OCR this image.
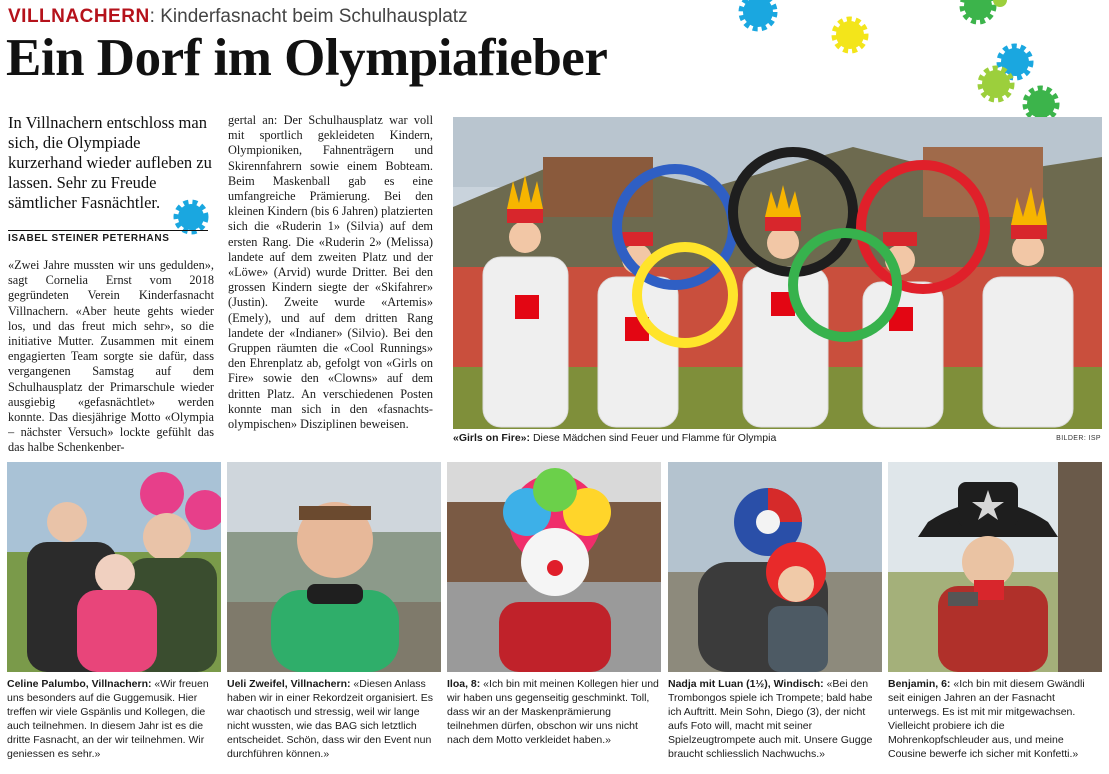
VILLNACHERN: Kinderfasnacht beim Schulhausplatz
Ein Dorf im Olympiafieber

In Villnachern entschloss man sich, die Olympiade kurzerhand wieder aufleben zu lassen. Sehr zu Freude sämtlicher Fasnächtler.

ISABEL STEINER PETERHANS
«Zwei Jahre mussten wir uns gedulden», sagt Cornelia Ernst vom 2018 gegründeten Verein Kinderfasnacht Villnachern. «Aber heute gehts wieder los, und das freut mich sehr», so die initiative Mutter. Zusammen mit einem engagierten Team sorgte sie dafür, dass vergangenen Samstag auf dem Schulhausplatz der Primarschule wieder ausgiebig «gefasnächtlet» werden konnte. Das diesjährige Motto «Olympia – nächster Versuch» lockte gefühlt das das halbe Schenkenber-
gertal an: Der Schulhausplatz war voll mit sportlich gekleideten Kindern, Olympioniken, Fahnenträgern und Skirennfahrern sowie einem Bobteam. Beim Maskenball gab es eine umfangreiche Prämierung. Bei den kleinen Kindern (bis 6 Jahren) platzierten sich die «Ruderin 1» (Silvia) auf dem ersten Rang. Die «Ruderin 2» (Melissa) landete auf dem zweiten Platz und der «Löwe» (Arvid) wurde Dritter. Bei den grossen Kindern siegte der «Skifahrer» (Justin). Zweite wurde «Artemis» (Emely), und auf dem dritten Rang landete der «Indianer» (Silvio). Bei den Gruppen räumten die «Cool Runnings» den Ehrenplatz ab, gefolgt von «Girls on Fire» sowie den «Clowns» auf dem dritten Platz. An verschiedenen Posten konnte man sich in den «fasnachts-olympischen» Disziplinen beweisen.
«Girls on Fire»: Diese Mädchen sind Feuer und Flamme für Olympia	BILDER: ISP
Celine Palumbo, Villnachern: «Wir freuen uns besonders auf die Guggemusik. Hier treffen wir viele Gspänlis und Kollegen, die auch teilnehmen. In diesem Jahr ist es die dritte Fasnacht, an der wir teilnehmen. Wir geniessen es sehr.»
Ueli Zweifel, Villnachern: «Diesen Anlass haben wir in einer Rekordzeit organisiert. Es war chaotisch und stressig, weil wir lange nicht wussten, wie das BAG sich letztlich entscheidet. Schön, dass wir den Event nun durchführen können.»
Iloa, 8: «Ich bin mit meinen Kollegen hier und wir haben uns gegenseitig geschminkt. Toll, dass wir an der Maskenprämierung teilnehmen dürfen, obschon wir uns nicht nach dem Motto verkleidet haben.»
Nadja mit Luan (1½), Windisch: «Bei den Trombongos spiele ich Trompete; bald habe ich Auftritt. Mein Sohn, Diego (3), der nicht aufs Foto will, macht mit seiner Spielzeugtrompete auch mit. Unsere Gugge braucht schliesslich Nachwuchs.»
Benjamin, 6: «Ich bin mit diesem Gwändli seit einigen Jahren an der Fasnacht unterwegs. Es ist mit mir mitgewachsen. Vielleicht probiere ich die Mohrenkopfschleuder aus, und meine Cousine bewerfe ich sicher mit Konfetti.»
